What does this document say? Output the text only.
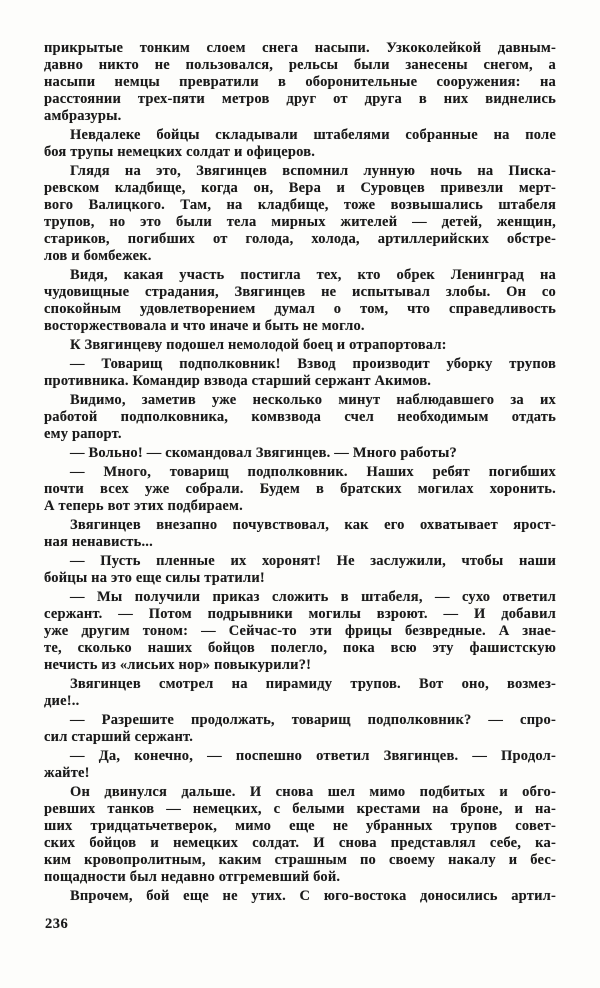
прикрытые тонким слоем снега насыпи. Узкоколейкой давным-
давно никто не пользовался, рельсы были занесены снегом, а
насыпи немцы превратили в оборонительные сооружения: на
расстоянии трех-пяти метров друг от друга в них виднелись
амбразуры.
Невдалеке бойцы складывали штабелями собранные на поле
боя трупы немецких солдат и офицеров.
Глядя на это, Звягинцев вспомнил лунную ночь на Писка-
ревском кладбище, когда он, Вера и Суровцев привезли мерт-
вого Валицкого. Там, на кладбище, тоже возвышались штабеля
трупов, но это были тела мирных жителей — детей, женщин,
стариков, погибших от голода, холода, артиллерийских обстре-
лов и бомбежек.
Видя, какая участь постигла тех, кто обрек Ленинград на
чудовищные страдания, Звягинцев не испытывал злобы. Он со
спокойным удовлетворением думал о том, что справедливость
восторжествовала и что иначе и быть не могло.
К Звягинцеву подошел немолодой боец и отрапортовал:
— Товарищ подполковник! Взвод производит уборку трупов
противника. Командир взвода старший сержант Акимов.
Видимо, заметив уже несколько минут наблюдавшего за их
работой подполковника, комвзвода счел необходимым отдать
ему рапорт.
— Вольно! — скомандовал Звягинцев. — Много работы?
— Много, товарищ подполковник. Наших ребят погибших
почти всех уже собрали. Будем в братских могилах хоронить.
А теперь вот этих подбираем.
Звягинцев внезапно почувствовал, как его охватывает ярост-
ная ненависть...
— Пусть пленные их хоронят! Не заслужили, чтобы наши
бойцы на это еще силы тратили!
— Мы получили приказ сложить в штабеля, — сухо ответил
сержант. — Потом подрывники могилы взроют. — И добавил
уже другим тоном: — Сейчас-то эти фрицы безвредные. А знае-
те, сколько наших бойцов полегло, пока всю эту фашистскую
нечисть из «лисьих нор» повыкурили?!
Звягинцев смотрел на пирамиду трупов. Вот оно, возмез-
дие!..
— Разрешите продолжать, товарищ подполковник? — спро-
сил старший сержант.
— Да, конечно, — поспешно ответил Звягинцев. — Продол-
жайте!
Он двинулся дальше. И снова шел мимо подбитых и обго-
ревших танков — немецких, с белыми крестами на броне, и на-
ших тридцатьчетверок, мимо еще не убранных трупов совет-
ских бойцов и немецких солдат. И снова представлял себе, ка-
ким кровопролитным, каким страшным по своему накалу и бес-
пощадности был недавно отгремевший бой.
Впрочем, бой еще не утих. С юго-востока доносились артил-
236
